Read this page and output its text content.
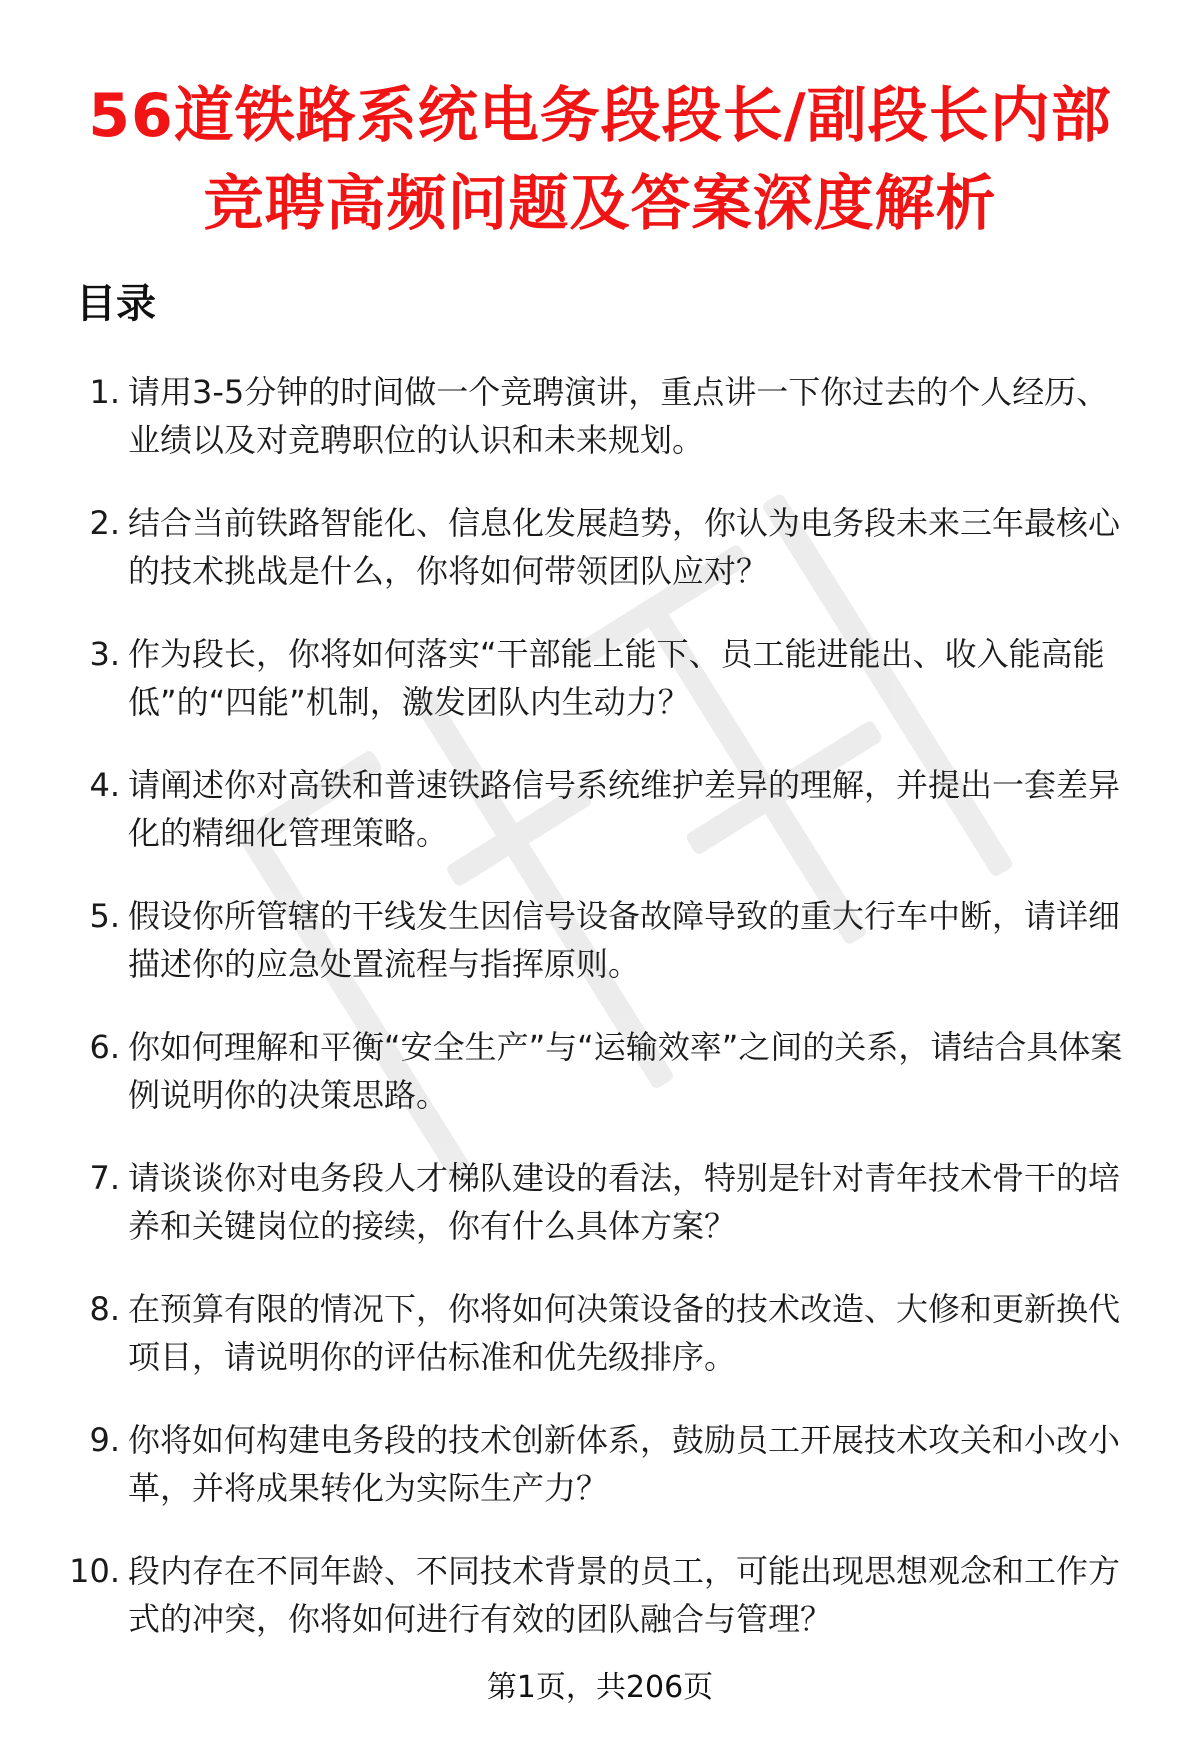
56道铁路系统电务段段长/副段长内部竞聘高频问题及答案深度解析
目录
1. 请用3-5分钟的时间做一个竞聘演讲，重点讲一下你过去的个人经历、业绩以及对竞聘职位的认识和未来规划。
2. 结合当前铁路智能化、信息化发展趋势，你认为电务段未来三年最核心的技术挑战是什么，你将如何带领团队应对？
3. 作为段长，你将如何落实“干部能上能下、员工能进能出、收入能高能低”的“四能”机制，激发团队内生动力？
4. 请阐述你对高铁和普速铁路信号系统维护差异的理解，并提出一套差异化的精细化管理策略。
5. 假设你所管辖的干线发生因信号设备故障导致的重大行车中断，请详细描述你的应急处置流程与指挥原则。
6. 你如何理解和平衡“安全生产”与“运输效率”之间的关系，请结合具体案例说明你的决策思路。
7. 请谈谈你对电务段人才梯队建设的看法，特别是针对青年技术骨干的培养和关键岗位的接续，你有什么具体方案？
8. 在预算有限的情况下，你将如何决策设备的技术改造、大修和更新换代项目，请说明你的评估标准和优先级排序。
9. 你将如何构建电务段的技术创新体系，鼓励员工开展技术攻关和小改小革，并将成果转化为实际生产力？
10. 段内存在不同年龄、不同技术背景的员工，可能出现思想观念和工作方式的冲突，你将如何进行有效的团队融合与管理？
第1页，共206页
